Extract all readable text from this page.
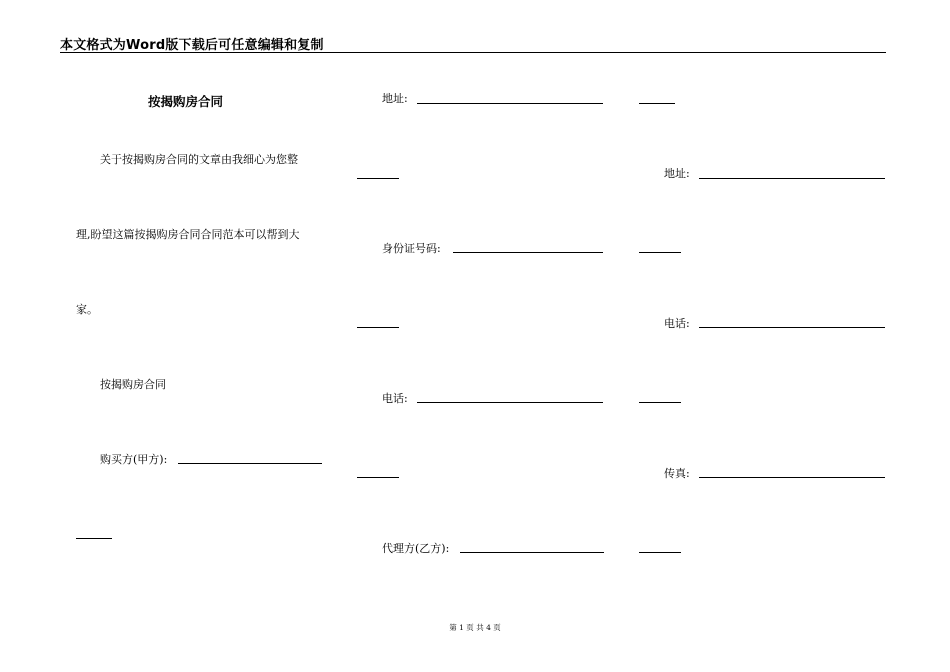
本文格式为Word版下载后可任意编辑和复制
按揭购房合同
关于按揭购房合同的文章由我细心为您整
理,盼望这篇按揭购房合同合同范本可以帮到大
家。
按揭购房合同
购买方(甲方):
地址:
身份证号码:
电话:
代理方(乙方):
地址:
电话:
传真:
第 1 页 共 4 页
